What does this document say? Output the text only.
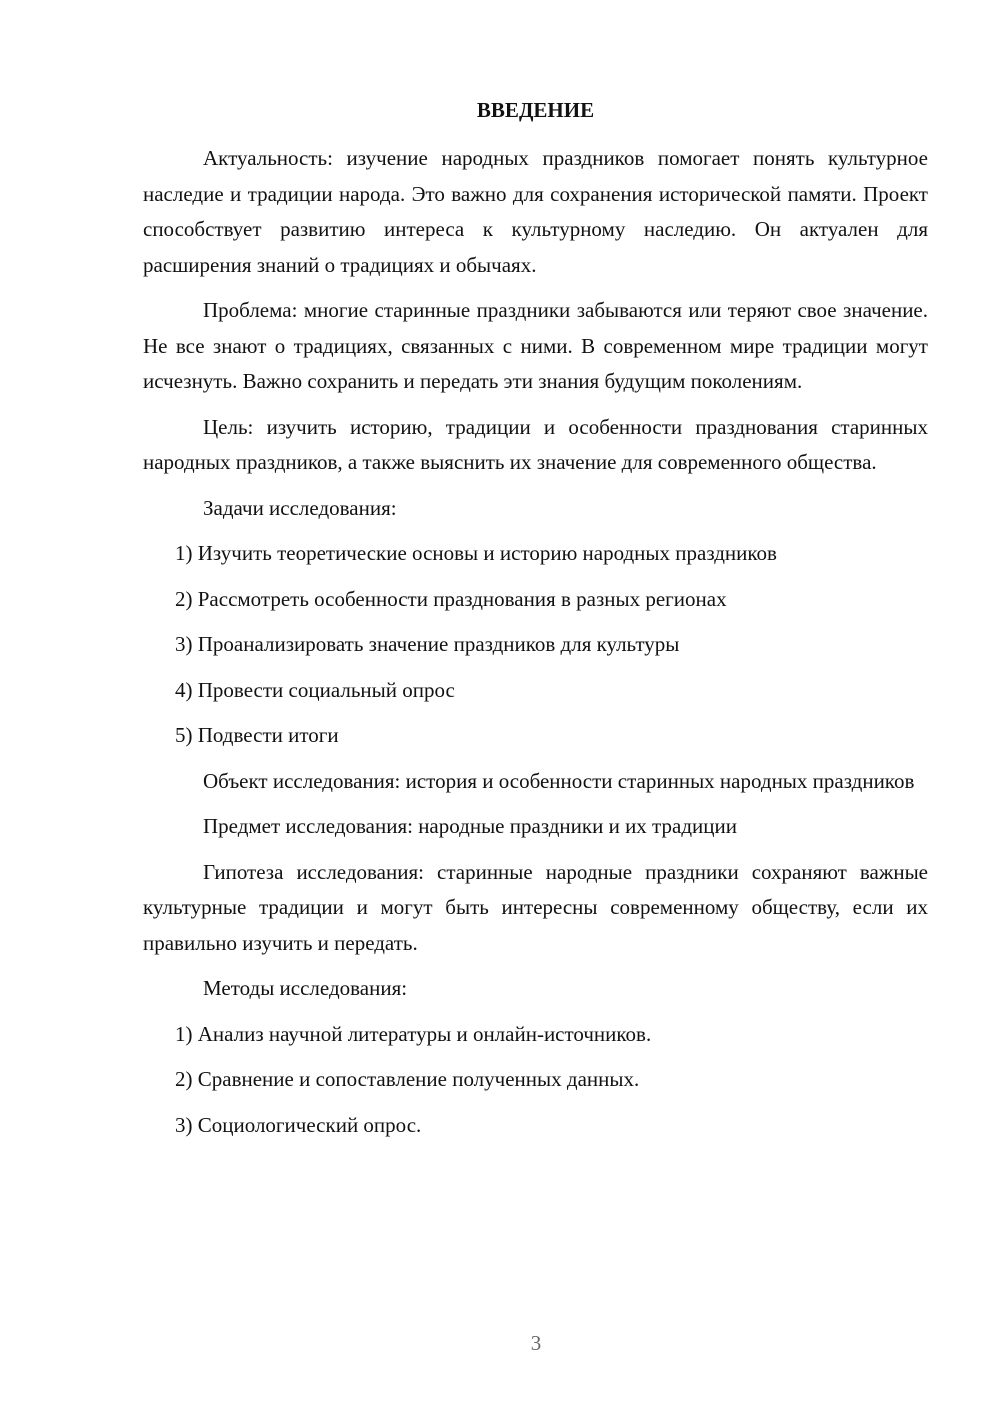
ВВЕДЕНИЕ

Актуальность: изучение народных праздников помогает понять культурное наследие и традиции народа. Это важно для сохранения исторической памяти. Проект способствует развитию интереса к культурному наследию. Он актуален для расширения знаний о традициях и обычаях.

Проблема: многие старинные праздники забываются или теряют свое значение. Не все знают о традициях, связанных с ними. В современном мире традиции могут исчезнуть. Важно сохранить и передать эти знания будущим поколениям.

Цель: изучить историю, традиции и особенности празднования старинных народных праздников, а также выяснить их значение для современного общества.

Задачи исследования:

1) Изучить теоретические основы и историю народных праздников
2) Рассмотреть особенности празднования в разных регионах
3) Проанализировать значение праздников для культуры
4) Провести социальный опрос
5) Подвести итоги

Объект исследования: история и особенности старинных народных праздников

Предмет исследования: народные праздники и их традиции

Гипотеза исследования: старинные народные праздники сохраняют важные культурные традиции и могут быть интересны современному обществу, если их правильно изучить и передать.

Методы исследования:

1) Анализ научной литературы и онлайн-источников.
2) Сравнение и сопоставление полученных данных.
3) Социологический опрос.
3
